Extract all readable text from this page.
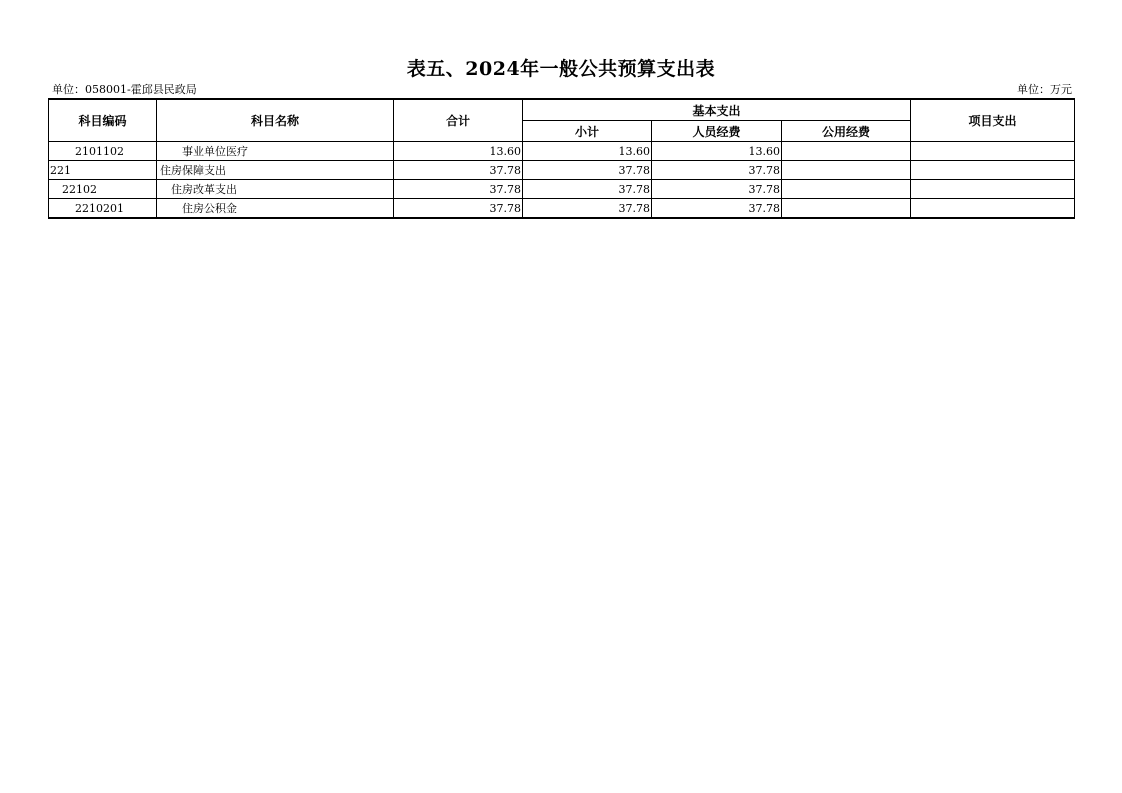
表五、2024年一般公共预算支出表
单位：058001-霍邱县民政局	单位：万元
科目编码	科目名称	合计	基本支出			项目支出
			小计	人员经费	公用经费	
2101102	事业单位医疗	13.60	13.60	13.60		
221	住房保障支出	37.78	37.78	37.78		
22102	住房改革支出	37.78	37.78	37.78		
2210201	住房公积金	37.78	37.78	37.78		
